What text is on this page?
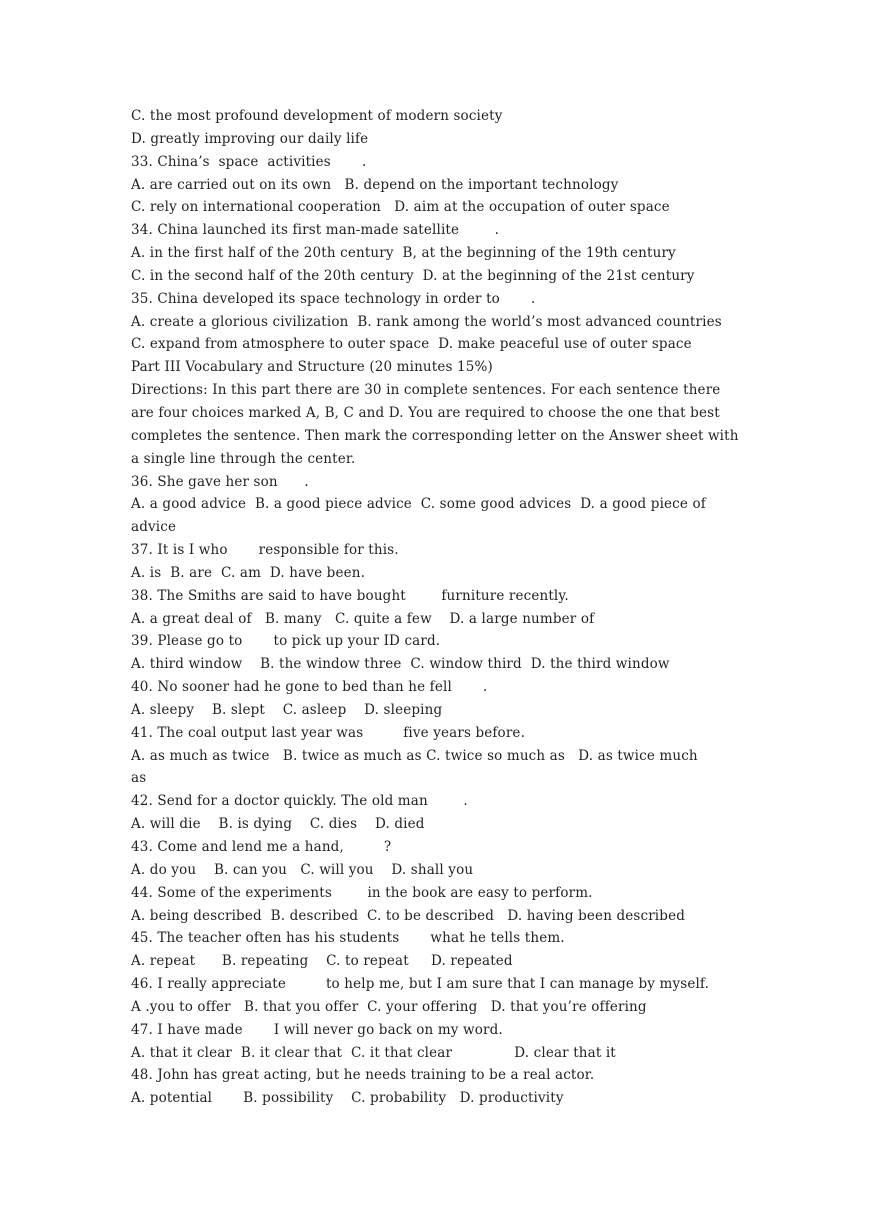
C. the most profound development of modern society
D. greatly improving our daily life
33. China’s  space  activities       .
A. are carried out on its own   B. depend on the important technology
C. rely on international cooperation   D. aim at the occupation of outer space
34. China launched its first man-made satellite        .
A. in the first half of the 20th century  B, at the beginning of the 19th century
C. in the second half of the 20th century  D. at the beginning of the 21st century
35. China developed its space technology in order to       .
A. create a glorious civilization  B. rank among the world’s most advanced countries
C. expand from atmosphere to outer space  D. make peaceful use of outer space
Part III Vocabulary and Structure (20 minutes 15%)
Directions: In this part there are 30 in complete sentences. For each sentence there
are four choices marked A, B, C and D. You are required to choose the one that best
completes the sentence. Then mark the corresponding letter on the Answer sheet with
a single line through the center.
36. She gave her son      .
A. a good advice  B. a good piece advice  C. some good advices  D. a good piece of
advice
37. It is I who       responsible for this.
A. is  B. are  C. am  D. have been.
38. The Smiths are said to have bought        furniture recently.
A. a great deal of   B. many   C. quite a few    D. a large number of
39. Please go to       to pick up your ID card.
A. third window    B. the window three  C. window third  D. the third window
40. No sooner had he gone to bed than he fell       .
A. sleepy    B. slept    C. asleep    D. sleeping
41. The coal output last year was         five years before.
A. as much as twice   B. twice as much as C. twice so much as   D. as twice much
as
42. Send for a doctor quickly. The old man        .
A. will die    B. is dying    C. dies    D. died
43. Come and lend me a hand,         ?
A. do you    B. can you   C. will you    D. shall you
44. Some of the experiments        in the book are easy to perform.
A. being described  B. described  C. to be described   D. having been described
45. The teacher often has his students       what he tells them.
A. repeat      B. repeating    C. to repeat     D. repeated
46. I really appreciate         to help me, but I am sure that I can manage by myself.
A .you to offer   B. that you offer  C. your offering   D. that you’re offering
47. I have made       I will never go back on my word.
A. that it clear  B. it clear that  C. it that clear              D. clear that it
48. John has great acting, but he needs training to be a real actor.
A. potential       B. possibility    C. probability   D. productivity
